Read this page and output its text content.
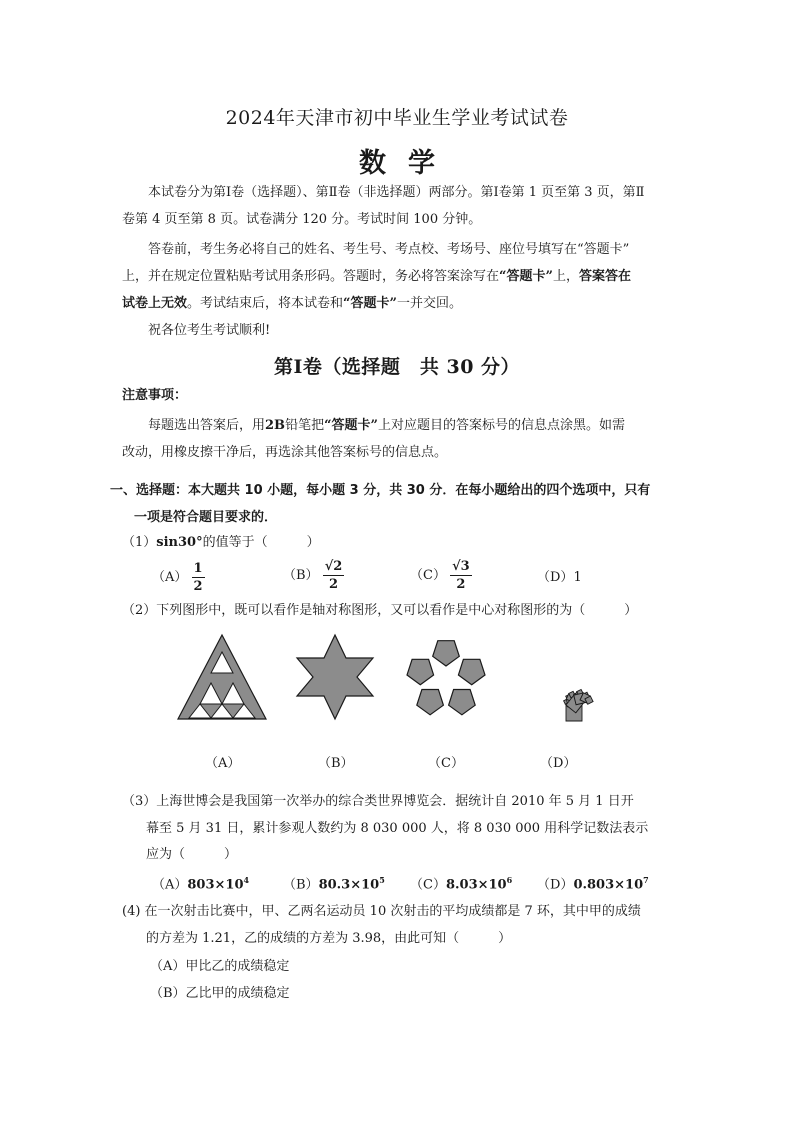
2024年天津市初中毕业生学业考试试卷
数学
本试卷分为第Ⅰ卷（选择题）、第Ⅱ卷（非选择题）两部分。第Ⅰ卷第 1 页至第 3 页，第Ⅱ
卷第 4 页至第 8 页。试卷满分 120 分。考试时间 100 分钟。
答卷前，考生务必将自己的姓名、考生号、考点校、考场号、座位号填写在“答题卡”
上，并在规定位置粘贴考试用条形码。答题时，务必将答案涂写在“答题卡”上，答案答在
试卷上无效。考试结束后，将本试卷和“答题卡”一并交回。
祝各位考生考试顺利!
第Ⅰ卷（选择题　共 30 分）
注意事项：
每题选出答案后，用2B铅笔把“答题卡”上对应题目的答案标号的信息点涂黑。如需
改动，用橡皮擦干净后，再选涂其他答案标号的信息点。
一、选择题：本大题共 10 小题，每小题 3 分，共 30 分．在每小题给出的四个选项中，只有
一项是符合题目要求的．
（1）sin30°的值等于（　　　）
$(A) \frac{1}{2}$	$(B) \frac{√2}{2}$	$(C) \frac{√3}{2}$	（D）1
（2）下列图形中，既可以看作是轴对称图形，又可以看作是中心对称图形的为（　　　）
（A）	（B）	（C）	（D）
（3）上海世博会是我国第一次举办的综合类世界博览会．据统计自 2010 年 5 月 1 日开
幕至 5 月 31 日，累计参观人数约为 8 030 000 人，将 8 030 000 用科学记数法表示
应为（　　　）
$(A)803\times 10^4$	$(B)80.3\times 10^5$ $(C)8.03\times 10^6$ $(D)0.803\times 10^7$
(4) 在一次射击比赛中，甲、乙两名运动员 10 次射击的平均成绩都是 7 环，其中甲的成绩
的方差为 1.21，乙的成绩的方差为 3.98，由此可知（　　　）
（A）甲比乙的成绩稳定
（B）乙比甲的成绩稳定
